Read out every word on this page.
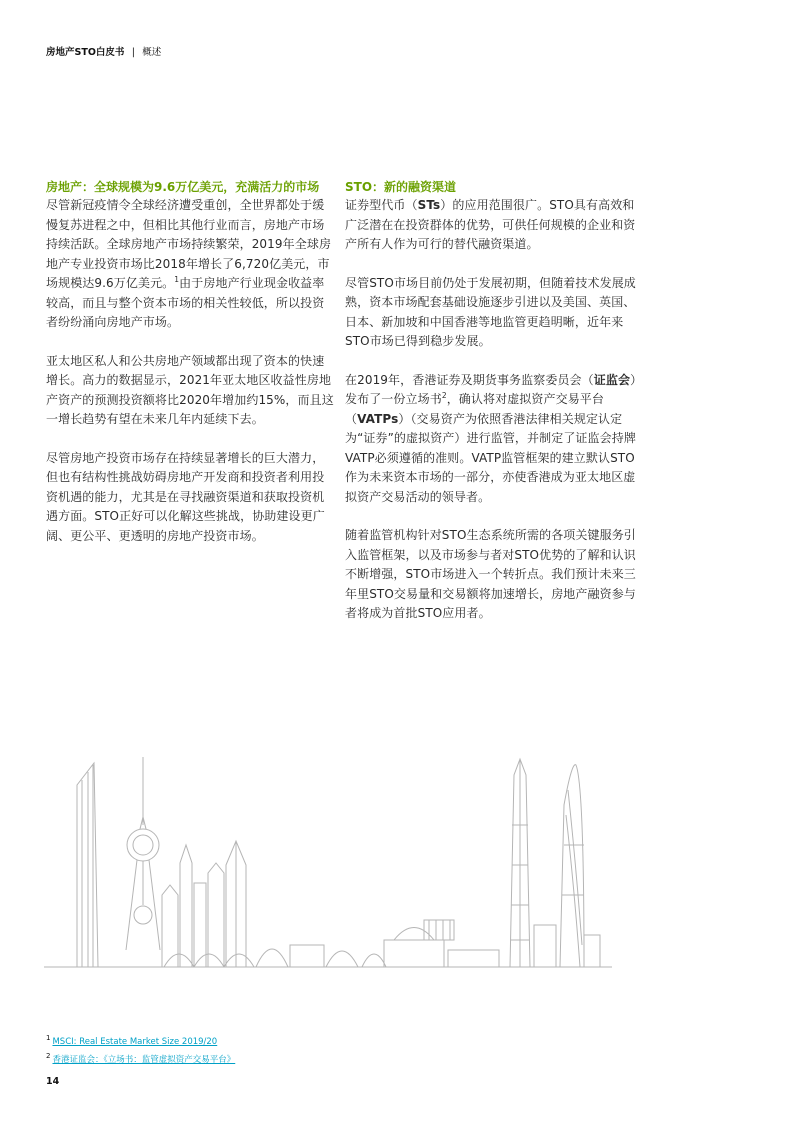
房地产STO白皮书 | 概述

房地产：全球规模为9.6万亿美元，充满活力的市场

尽管新冠疫情令全球经济遭受重创，全世界都处于缓慢复苏进程之中，但相比其他行业而言，房地产市场持续活跃。全球房地产市场持续繁荣，2019年全球房地产专业投资市场比2018年增长了6,720亿美元，市场规模达9.6万亿美元。$^1$由于房地产行业现金收益率较高，而且与整个资本市场的相关性较低，所以投资者纷纷涌向房地产市场。

亚太地区私人和公共房地产领域都出现了资本的快速增长。高力的数据显示，2021年亚太地区收益性房地产资产的预测投资额将比2020年增加约15%，而且这一增长趋势有望在未来几年内延续下去。

尽管房地产投资市场存在持续显著增长的巨大潜力，但也有结构性挑战妨碍房地产开发商和投资者利用投资机遇的能力，尤其是在寻找融资渠道和获取投资机遇方面。STO正好可以化解这些挑战，协助建设更广阔、更公平、更透明的房地产投资市场。

STO：新的融资渠道

证券型代币（STs）的应用范围很广。STO具有高效和广泛潜在在投资群体的优势，可供任何规模的企业和资产所有人作为可行的替代融资渠道。

尽管STO市场目前仍处于发展初期，但随着技术发展成熟，资本市场配套基础设施逐步引进以及美国、英国、日本、新加坡和中国香港等地监管更趋明晰，近年来STO市场已得到稳步发展。

在2019年，香港证券及期货事务监察委员会（证监会）发布了一份立场书$^2$，确认将对虚拟资产交易平台（VATPs）（交易资产为依照香港法律相关规定认定为“证券”的虚拟资产）进行监管，并制定了证监会持牌VATP必须遵循的准则。VATP监管框架的建立默认STO作为未来资本市场的一部分，亦使香港成为亚太地区虚拟资产交易活动的领导者。

随着监管机构针对STO生态系统所需的各项关键服务引入监管框架，以及市场参与者对STO优势的了解和认识不断增强，STO市场进入一个转折点。我们预计未来三年里STO交易量和交易额将加速增长，房地产融资参与者将成为首批STO应用者。

$^1$ MSCI: Real Estate Market Size 2019/20
$^2$ 香港证监会：《立场书：监管虚拟资产交易平台》
14
